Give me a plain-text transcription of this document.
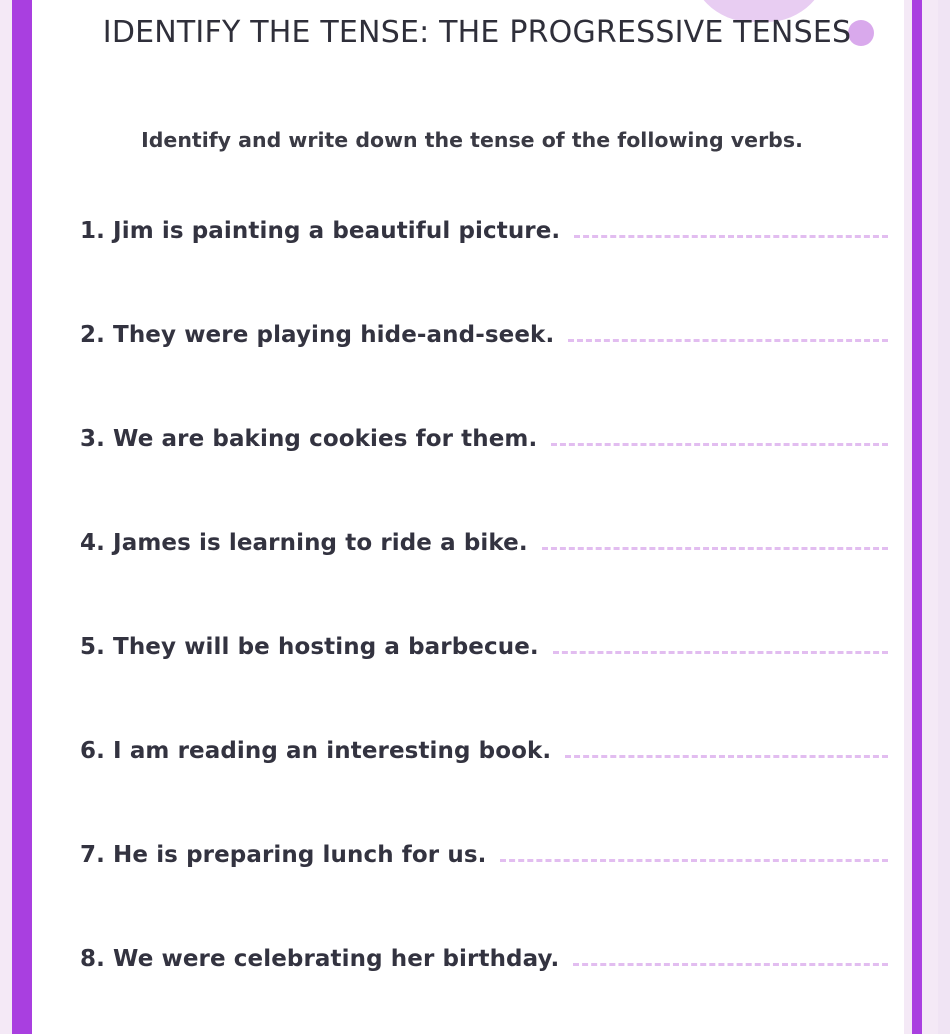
IDENTIFY THE TENSE: THE PROGRESSIVE TENSES
Identify and write down the tense of the following verbs.
1. Jim is painting a beautiful picture.
2. They were playing hide-and-seek.
3. We are baking cookies for them.
4. James is learning to ride a bike.
5. They will be hosting a barbecue.
6. I am reading an interesting book.
7. He is preparing lunch for us.
8. We were celebrating her birthday.
